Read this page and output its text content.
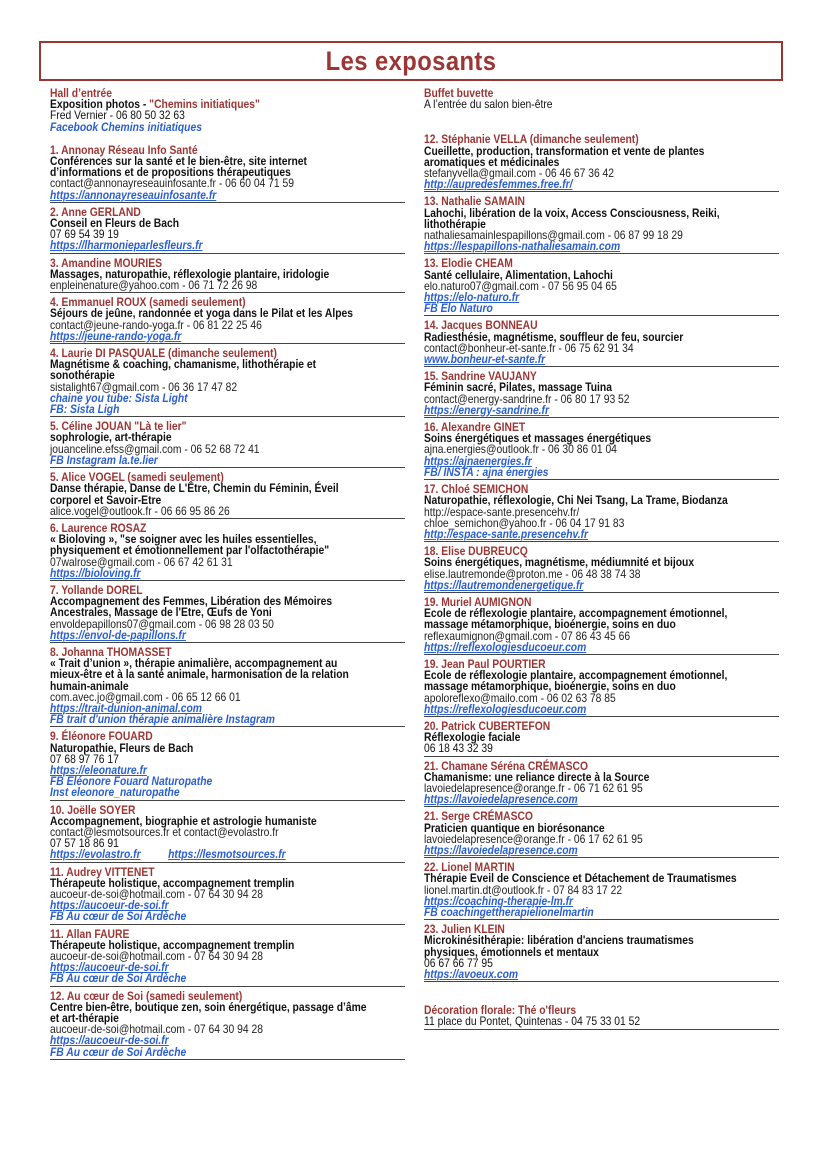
Les exposants
Hall d’entrée
Exposition photos - "Chemins initiatiques"
Fred Vernier - 06 80 50 32 63
Facebook Chemins initiatiques
1. Annonay Réseau Info Santé
Conférences sur la santé et le bien-être, site internet
d’informations et de propositions thérapeutiques
contact@annonayreseauinfosante.fr - 06 60 04 71 59
https://annonayreseauinfosante.fr
2. Anne GERLAND
Conseil en Fleurs de Bach
07 69 54 39 19
https://lharmonieparlesfleurs.fr
3. Amandine MOURIES
Massages, naturopathie, réflexologie plantaire, iridologie
enpleinenature@yahoo.com - 06 71 72 26 98
4. Emmanuel ROUX (samedi seulement)
Séjours de jeûne, randonnée et yoga dans le Pilat et les Alpes
contact@jeune-rando-yoga.fr - 06 81 22 25 46
https://jeune-rando-yoga.fr
4. Laurie DI PASQUALE (dimanche seulement)
Magnétisme & coaching, chamanisme, lithothérapie et
sonothérapie
sistalight67@gmail.com - 06 36 17 47 82
chaine you tube: Sista Light
FB: Sista Ligh
5. Céline JOUAN "Là te lier"
sophrologie, art-thérapie
jouanceline.efss@gmail.com - 06 52 68 72 41
FB Instagram la.te.lier
5. Alice VOGEL (samedi seulement)
Danse thérapie, Danse de L'Être, Chemin du Féminin, Éveil
corporel et Savoir-Etre
alice.vogel@outlook.fr - 06 66 95 86 26
6. Laurence ROSAZ
« Bioloving », "se soigner avec les huiles essentielles,
physiquement et émotionnellement par l'olfactothérapie"
07walrose@gmail.com - 06 67 42 61 31
https://bioloving.fr
7. Yollande DOREL
Accompagnement des Femmes, Libération des Mémoires
Ancestrales, Massage de l'Etre, Œufs de Yoni
envoldepapillons07@gmail.com - 06 98 28 03 50
https://envol-de-papillons.fr
8. Johanna THOMASSET
« Trait d’union », thérapie animalière, accompagnement au
mieux-être et à la santé animale, harmonisation de la relation
humain-animale
com.avec.jo@gmail.com - 06 65 12 66 01
https://trait-dunion-animal.com
FB trait d'union thérapie animalière Instagram
9. Éléonore FOUARD
Naturopathie, Fleurs de Bach
07 68 97 76 17
https://eleonature.fr
FB Eléonore Fouard Naturopathe
Inst eleonore_naturopathe
10. Joëlle SOYER
Accompagnement, biographie et astrologie humaniste
contact@lesmotsources.fr et contact@evolastro.fr
07 57 18 86 91
https://evolastro.fr https://lesmotsources.fr
11. Audrey VITTENET
Thérapeute holistique, accompagnement tremplin
aucoeur-de-soi@hotmail.com - 07 64 30 94 28
https://aucoeur-de-soi.fr
FB Au cœur de Soi Ardèche
11. Allan FAURE
Thérapeute holistique, accompagnement tremplin
aucoeur-de-soi@hotmail.com - 07 64 30 94 28
https://aucoeur-de-soi.fr
FB Au cœur de Soi Ardèche
12. Au cœur de Soi (samedi seulement)
Centre bien-être, boutique zen, soin énergétique, passage d’âme
et art-thérapie
aucoeur-de-soi@hotmail.com - 07 64 30 94 28
https://aucoeur-de-soi.fr
FB Au cœur de Soi Ardèche
Buffet buvette
A l’entrée du salon bien-être
12. Stéphanie VELLA (dimanche seulement)
Cueillette, production, transformation et vente de plantes
aromatiques et médicinales
stefanyvella@gmail.com - 06 46 67 36 42
http://aupredesfemmes.free.fr/
13. Nathalie SAMAIN
Lahochi, libération de la voix, Access Consciousness, Reiki,
lithothérapie
nathaliesamainlespapillons@gmail.com - 06 87 99 18 29
https://lespapillons-nathaliesamain.com
13. Elodie CHEAM
Santé cellulaire, Alimentation, Lahochi
elo.naturo07@gmail.com - 07 56 95 04 65
https://elo-naturo.fr
FB Elo Naturo
14. Jacques BONNEAU
Radiesthésie, magnétisme, souffleur de feu, sourcier
contact@bonheur-et-sante.fr - 06 75 62 91 34
www.bonheur-et-sante.fr
15. Sandrine VAUJANY
Féminin sacré, Pilates, massage Tuina
contact@energy-sandrine.fr - 06 80 17 93 52
https://energy-sandrine.fr
16. Alexandre GINET
Soins énergétiques et massages énergétiques
ajna.energies@outlook.fr - 06 30 86 01 04
https://ajnaenergies.fr
FB/ INSTA : ajna énergies
17. Chloé SEMICHON
Naturopathie, réflexologie, Chi Nei Tsang, La Trame, Biodanza
http://espace-sante.presencehv.fr/
chloe_semichon@yahoo.fr - 06 04 17 91 83
http://espace-sante.presencehv.fr
18. Elise DUBREUCQ
Soins énergétiques, magnétisme, médiumnité et bijoux
elise.lautremonde@proton.me - 06 48 38 74 38
https://lautremondenergetique.fr
19. Muriel AUMIGNON
Ecole de réflexologie plantaire, accompagnement émotionnel,
massage métamorphique, bioénergie, soins en duo
reflexaumignon@gmail.com - 07 86 43 45 66
https://reflexologiesducoeur.com
19. Jean Paul POURTIER
Ecole de réflexologie plantaire, accompagnement émotionnel,
massage métamorphique, bioénergie, soins en duo
apoloreflexo@mailo.com - 06 02 63 78 85
https://reflexologiesducoeur.com
20. Patrick CUBERTEFON
Réflexologie faciale
06 18 43 32 39
21. Chamane Séréna CRÉMASCO
Chamanisme: une reliance directe à la Source
lavoiedelapresence@orange.fr - 06 71 62 61 95
https://lavoiedelapresence.com
21. Serge CRÉMASCO
Praticien quantique en biorésonance
lavoiedelapresence@orange.fr - 06 17 62 61 95
https://lavoiedelapresence.com
22. Lionel MARTIN
Thérapie Eveil de Conscience et Détachement de Traumatismes
lionel.martin.dt@outlook.fr - 07 84 83 17 22
https://coaching-therapie-lm.fr
FB coachingettherapielionelmartin
23. Julien KLEIN
Microkinésithérapie: libération d'anciens traumatismes
physiques, émotionnels et mentaux
06 67 66 77 95
https://avoeux.com
Décoration florale: Thé o'fleurs
11 place du Pontet, Quintenas - 04 75 33 01 52
